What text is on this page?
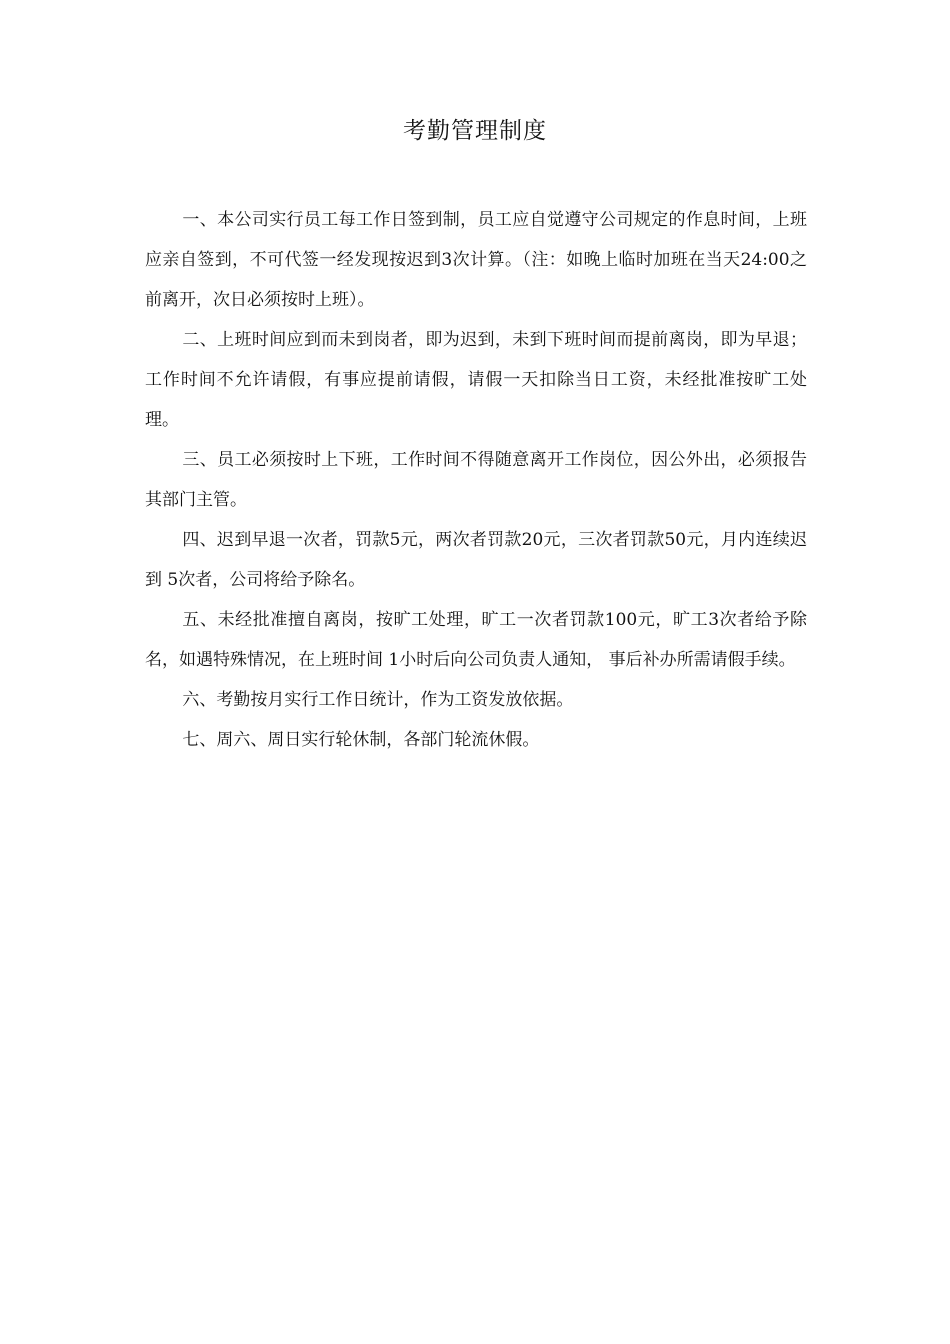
考勤管理制度

一、本公司实行员工每工作日签到制，员工应自觉遵守公司规定的作息时间，上班应亲自签到，不可代签一经发现按迟到3次计算。（注：如晚上临时加班在当天24:00之前离开，次日必须按时上班）。

二、上班时间应到而未到岗者，即为迟到，未到下班时间而提前离岗，即为早退；工作时间不允许请假，有事应提前请假，请假一天扣除当日工资，未经批准按旷工处理。

三、员工必须按时上下班，工作时间不得随意离开工作岗位，因公外出，必须报告其部门主管。

四、迟到早退一次者，罚款5元，两次者罚款20元，三次者罚款50元，月内连续迟到 5次者，公司将给予除名。

五、未经批准擅自离岗，按旷工处理，旷工一次者罚款100元，旷工3次者给予除名，如遇特殊情况，在上班时间 1小时后向公司负责人通知， 事后补办所需请假手续。

六、考勤按月实行工作日统计，作为工资发放依据。

七、周六、周日实行轮休制，各部门轮流休假。
